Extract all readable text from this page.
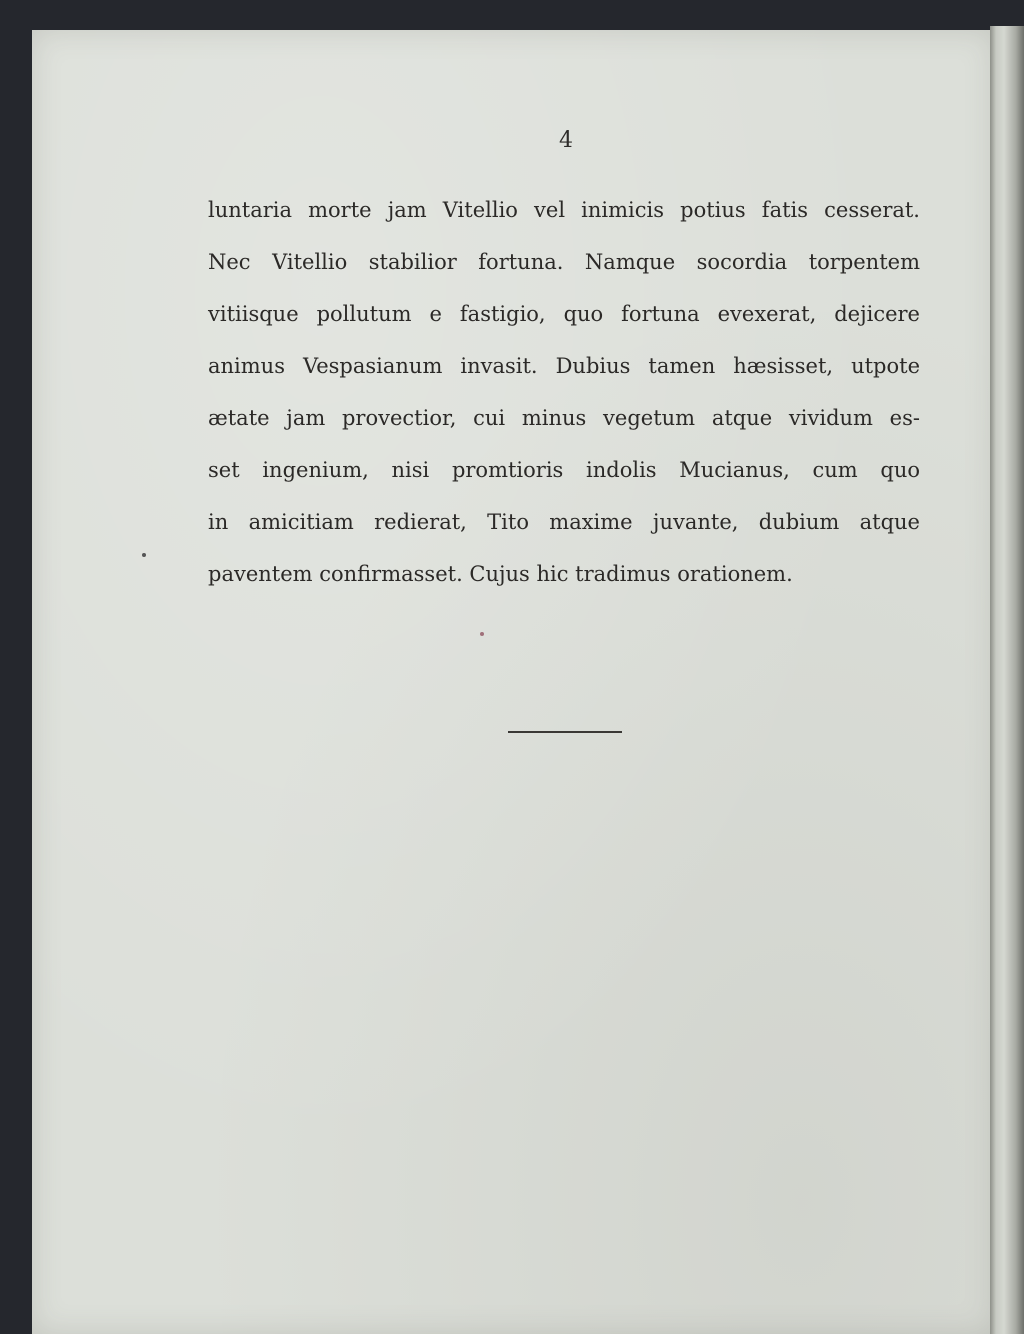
4
luntaria morte jam Vitellio vel inimicis potius fatis cesserat.
Nec Vitellio stabilior fortuna. Namque socordia torpentem
vitiisque pollutum e fastigio, quo fortuna evexerat, dejicere
animus Vespasianum invasit. Dubius tamen hæsisset, utpote
ætate jam provectior, cui minus vegetum atque vividum es-
set ingenium, nisi promtioris indolis Mucianus, cum quo
in amicitiam redierat, Tito maxime juvante, dubium atque
paventem confirmasset. Cujus hic tradimus orationem.
